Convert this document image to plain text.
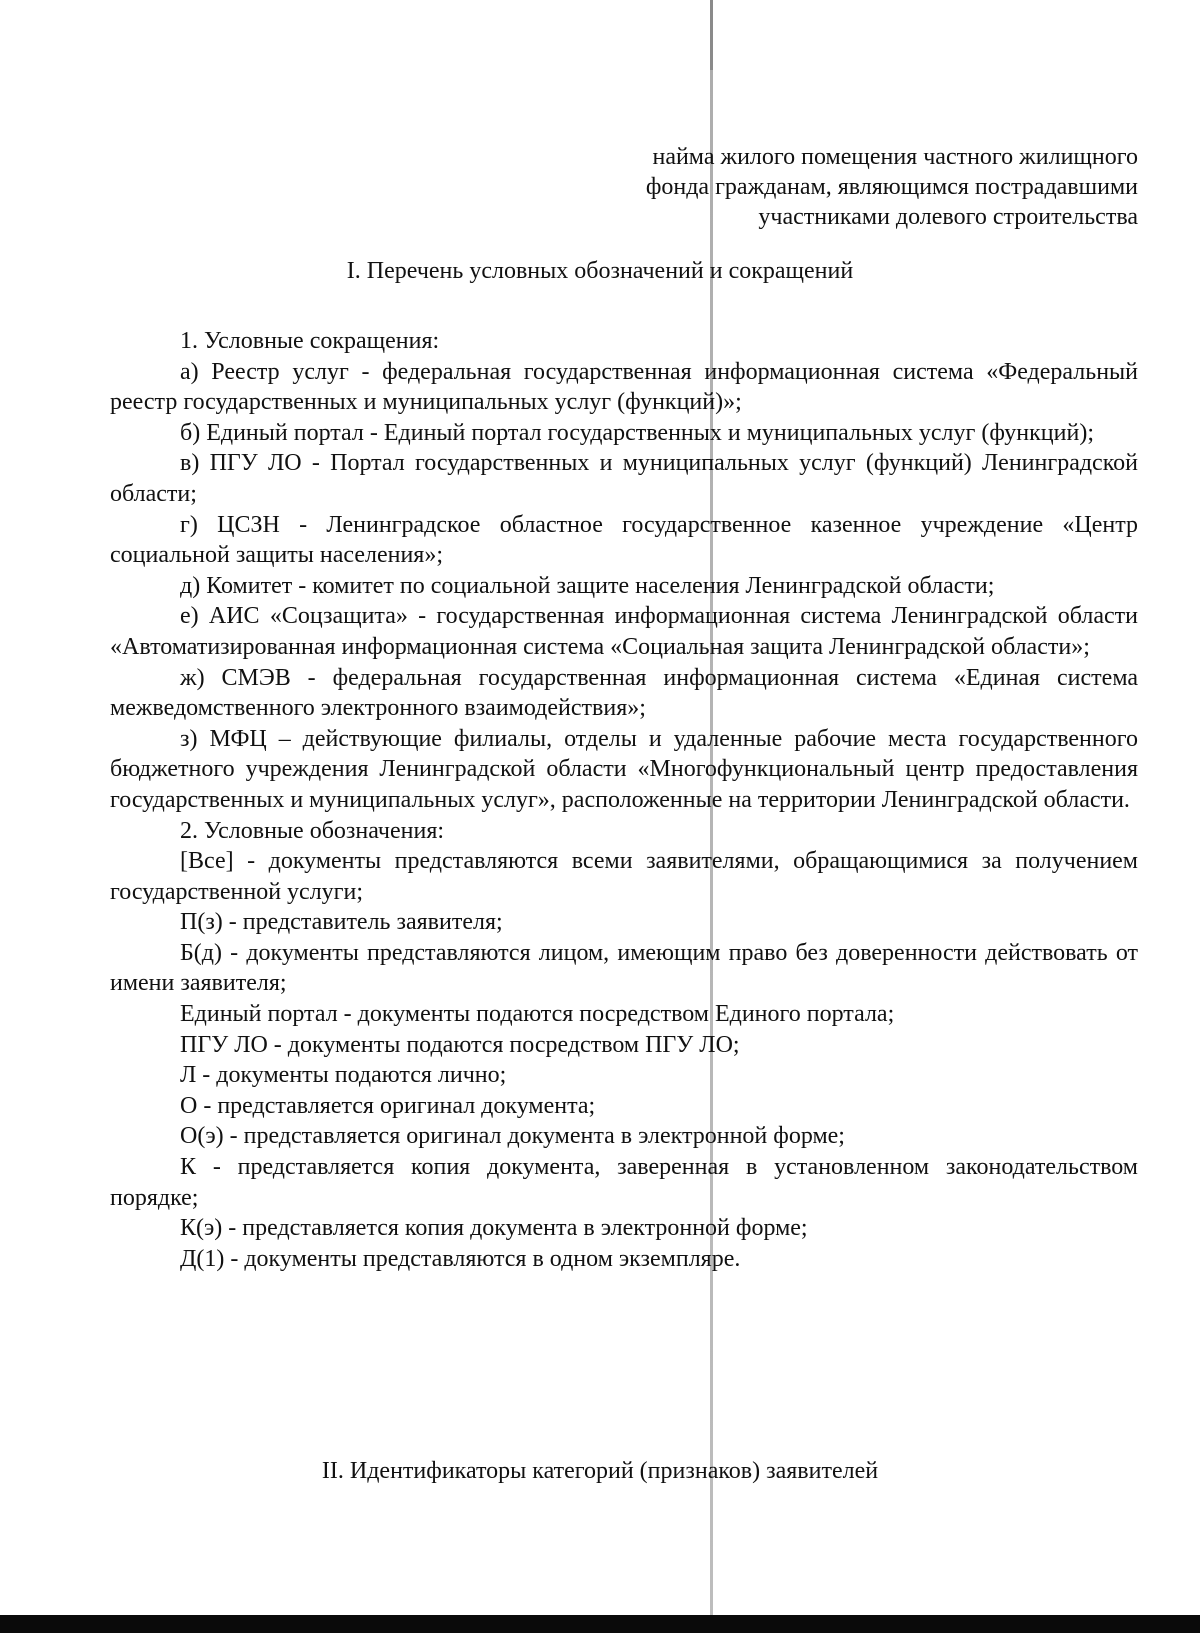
найма жилого помещения частного жилищного
фонда гражданам, являющимся пострадавшими
участниками долевого строительства
I. Перечень условных обозначений и сокращений

1. Условные сокращения:

а) Реестр услуг - федеральная государственная информационная система «Федеральный реестр государственных и муниципальных услуг (функций)»;

б) Единый портал - Единый портал государственных и муниципальных услуг (функций);

в) ПГУ ЛО - Портал государственных и муниципальных услуг (функций) Ленинградской области;

г) ЦСЗН - Ленинградское областное государственное казенное учреждение «Центр социальной защиты населения»;

д) Комитет - комитет по социальной защите населения Ленинградской области;

е) АИС «Соцзащита» - государственная информационная система Ленинградской области «Автоматизированная информационная система «Социальная защита Ленинградской области»;

ж) СМЭВ - федеральная государственная информационная система «Единая система межведомственного электронного взаимодействия»;

з) МФЦ – действующие филиалы, отделы и удаленные рабочие места государственного бюджетного учреждения Ленинградской области «Многофункциональный центр предоставления государственных и муниципальных услуг», расположенные на территории Ленинградской области.

2. Условные обозначения:

[Все] - документы представляются всеми заявителями, обращающимися за получением государственной услуги;

П(з) - представитель заявителя;

Б(д) - документы представляются лицом, имеющим право без доверенности действовать от имени заявителя;

Единый портал - документы подаются посредством Единого портала;

ПГУ ЛО - документы подаются посредством ПГУ ЛО;

Л - документы подаются лично;

О - представляется оригинал документа;

О(э) - представляется оригинал документа в электронной форме;

К - представляется копия документа, заверенная в установленном законодательством порядке;

К(э) - представляется копия документа в электронной форме;

Д(1) - документы представляются в одном экземпляре.

II. Идентификаторы категорий (признаков) заявителей
